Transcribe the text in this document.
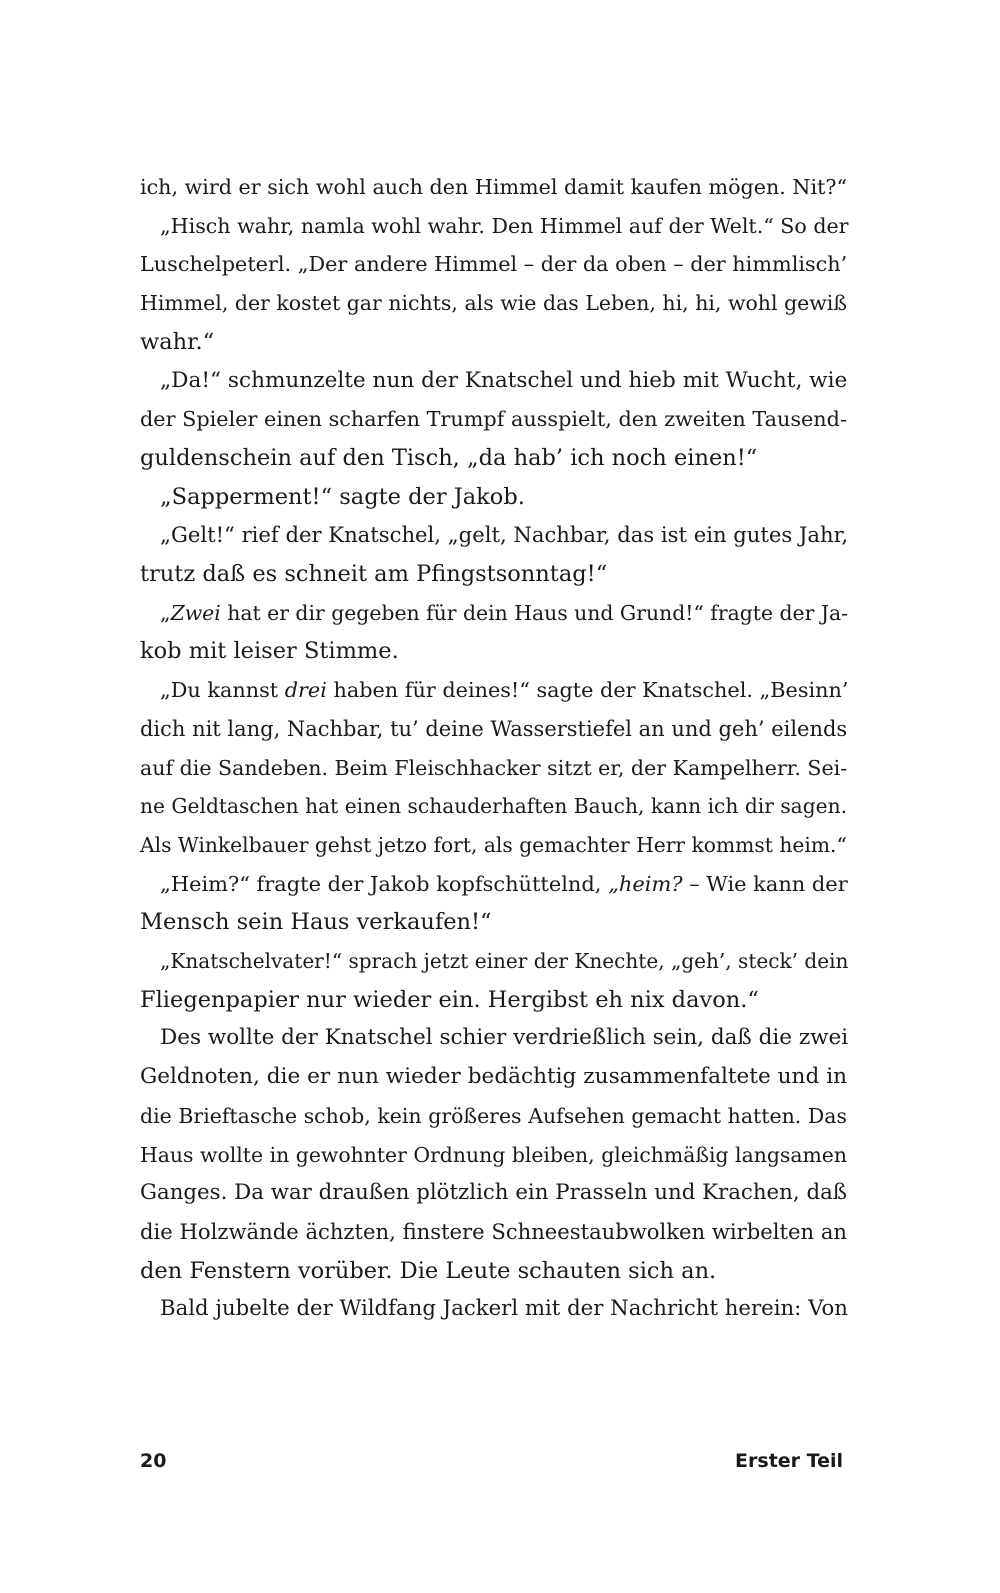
ich, wird er sich wohl auch den Himmel damit kaufen mögen. Nit?“
„Hisch wahr, namla wohl wahr. Den Himmel auf der Welt.“ So der
Luschelpeterl. „Der andere Himmel – der da oben – der himmlisch’
Himmel, der kostet gar nichts, als wie das Leben, hi, hi, wohl gewiß
wahr.“
„Da!“ schmunzelte nun der Knatschel und hieb mit Wucht, wie
der Spieler einen scharfen Trumpf ausspielt, den zweiten Tausend-
guldenschein auf den Tisch, „da hab’ ich noch einen!“
„Sapperment!“ sagte der Jakob.
„Gelt!“ rief der Knatschel, „gelt, Nachbar, das ist ein gutes Jahr,
trutz daß es schneit am Pfingstsonntag!“
„Zwei hat er dir gegeben für dein Haus und Grund!“ fragte der Ja-
kob mit leiser Stimme.
„Du kannst drei haben für deines!“ sagte der Knatschel. „Besinn’
dich nit lang, Nachbar, tu’ deine Wasserstiefel an und geh’ eilends
auf die Sandeben. Beim Fleischhacker sitzt er, der Kampelherr. Sei-
ne Geldtaschen hat einen schauderhaften Bauch, kann ich dir sagen.
Als Winkelbauer gehst jetzo fort, als gemachter Herr kommst heim.“
„Heim?“ fragte der Jakob kopfschüttelnd, „heim? – Wie kann der
Mensch sein Haus verkaufen!“
„Knatschelvater!“ sprach jetzt einer der Knechte, „geh’, steck’ dein
Fliegenpapier nur wieder ein. Hergibst eh nix davon.“
Des wollte der Knatschel schier verdrießlich sein, daß die zwei
Geldnoten, die er nun wieder bedächtig zusammenfaltete und in
die Brieftasche schob, kein größeres Aufsehen gemacht hatten. Das
Haus wollte in gewohnter Ordnung bleiben, gleichmäßig langsamen
Ganges. Da war draußen plötzlich ein Prasseln und Krachen, daß
die Holzwände ächzten, finstere Schneestaubwolken wirbelten an
den Fenstern vorüber. Die Leute schauten sich an.
Bald jubelte der Wildfang Jackerl mit der Nachricht herein: Von
20	Erster Teil
